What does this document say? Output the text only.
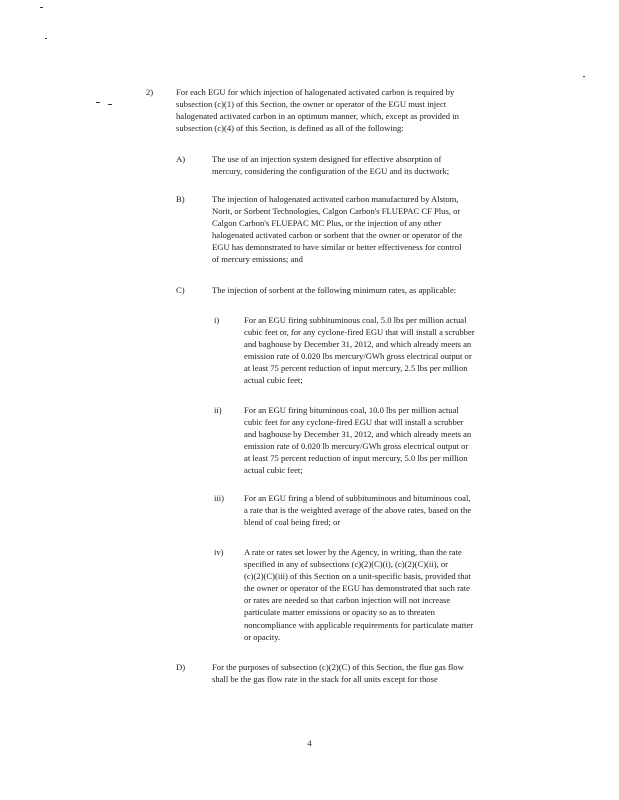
2)	For each EGU for which injection of halogenated activated carbon is required by
subsection (c)(1) of this Section, the owner or operator of the EGU must inject
halogenated activated carbon in an optimum manner, which, except as provided in
subsection (c)(4) of this Section, is defined as all of the following:
A)	The use of an injection system designed for effective absorption of
mercury, considering the configuration of the EGU and its ductwork;
B)	The injection of halogenated activated carbon manufactured by Alstom,
Norit, or Sorbent Technologies, Calgon Carbon's FLUEPAC CF Plus, or
Calgon Carbon's FLUEPAC MC Plus, or the injection of any other
halogenated activated carbon or sorbent that the owner or operator of the
EGU has demonstrated to have similar or better effectiveness for control
of mercury emissions; and
C)	The injection of sorbent at the following minimum rates, as applicable:
i)	For an EGU firing subbituminous coal, 5.0 lbs per million actual
cubic feet or, for any cyclone-fired EGU that will install a scrubber
and baghouse by December 31, 2012, and which already meets an
emission rate of 0.020 lbs mercury/GWh gross electrical output or
at least 75 percent reduction of input mercury, 2.5 lbs per million
actual cubic feet;
ii)	For an EGU firing bituminous coal, 10.0 lbs per million actual
cubic feet for any cyclone-fired EGU that will install a scrubber
and baghouse by December 31, 2012, and which already meets an
emission rate of 0.020 lb mercury/GWh gross electrical output or
at least 75 percent reduction of input mercury, 5.0 lbs per million
actual cubic feet;
iii) For an EGU firing a blend of subbituminous and bituminous coal,
a rate that is the weighted average of the above rates, based on the
blend of coal being fired; or
iv) A rate or rates set lower by the Agency, in writing, than the rate
specified in any of subsections (c)(2)(C)(i), (c)(2)(C)(ii), or
(c)(2)(C)(iii) of this Section on a unit-specific basis, provided that
the owner or operator of the EGU has demonstrated that such rate
or rates are needed so that carbon injection will not increase
particulate matter emissions or opacity so as to threaten
noncompliance with applicable requirements for particulate matter
or opacity.
D)	For the purposes of subsection (c)(2)(C) of this Section, the flue gas flow
shall be the gas flow rate in the stack for all units except for those
4
